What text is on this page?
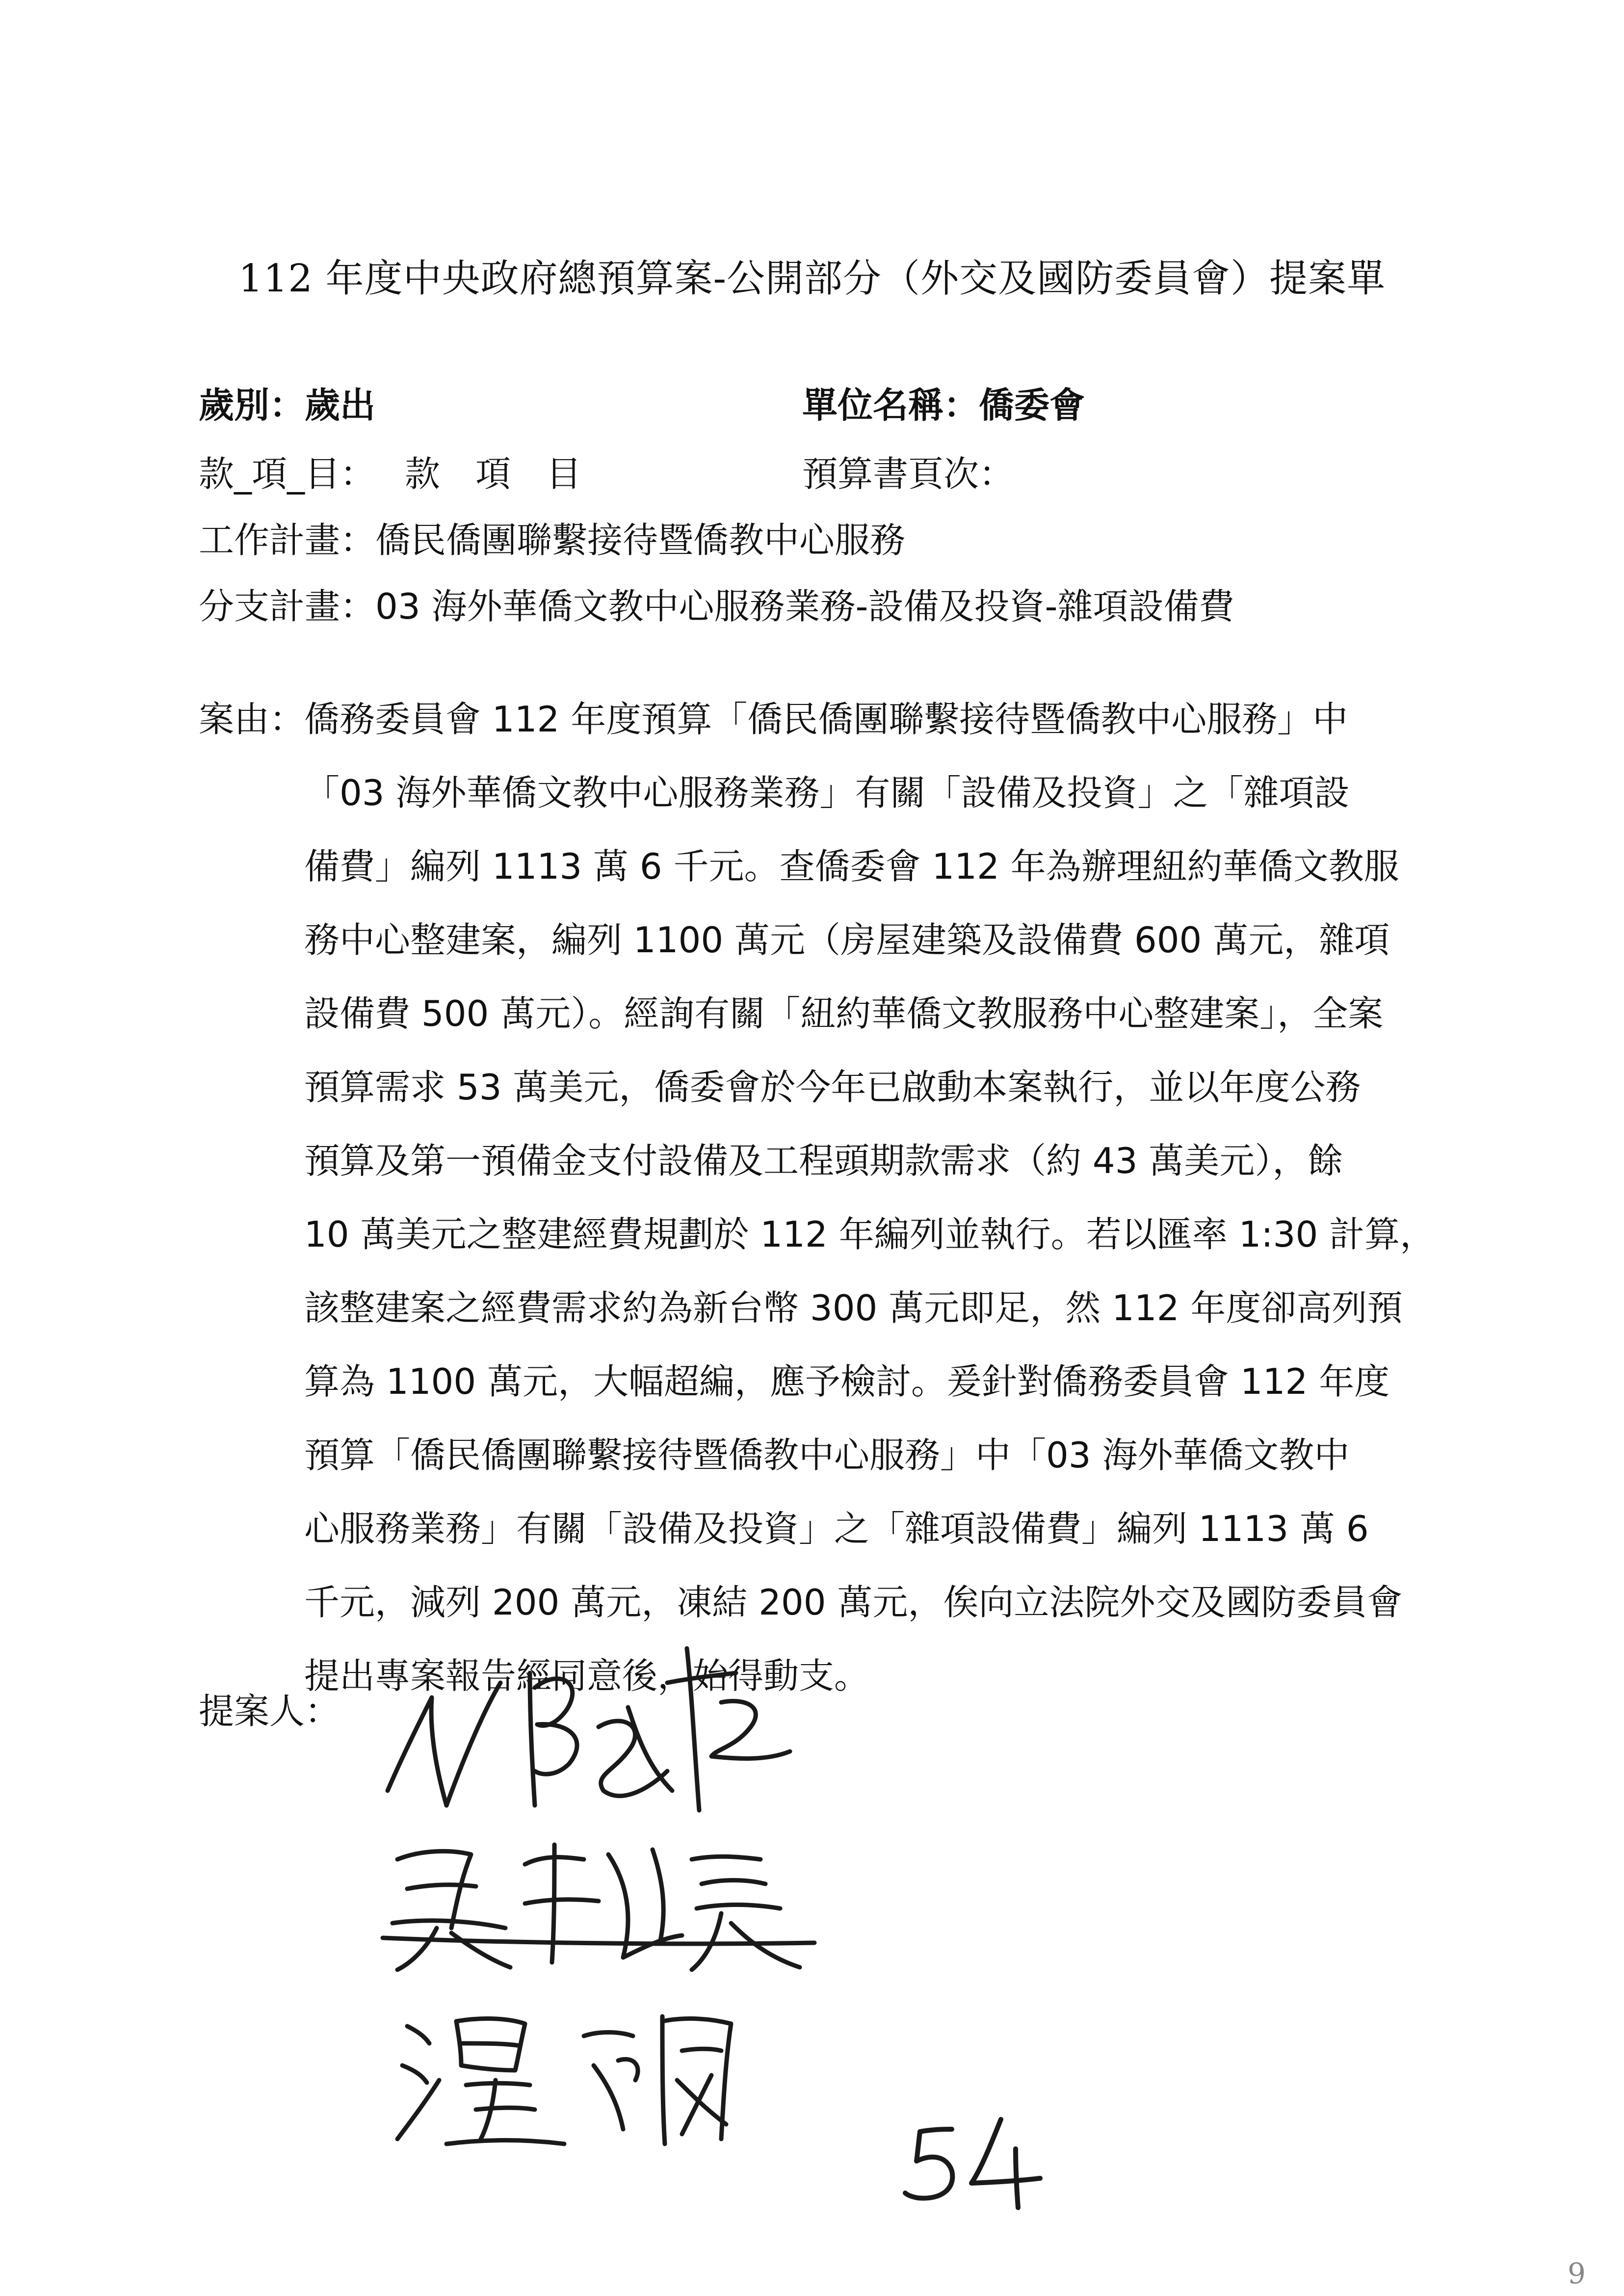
112 年度中央政府總預算案-公開部分（外交及國防委員會）提案單
歲別：歲出	單位名稱：僑委會
款_項_目： 款　項　目	預算書頁次：
工作計畫：僑民僑團聯繫接待暨僑教中心服務
分支計畫：03 海外華僑文教中心服務業務-設備及投資-雜項設備費
案由：
僑務委員會 112 年度預算「僑民僑團聯繫接待暨僑教中心服務」中
「03 海外華僑文教中心服務業務」有關「設備及投資」之「雜項設
備費」編列 1113 萬 6 千元。查僑委會 112 年為辦理紐約華僑文教服
務中心整建案，編列 1100 萬元（房屋建築及設備費 600 萬元，雜項
設備費 500 萬元）。經詢有關「紐約華僑文教服務中心整建案」，全案
預算需求 53 萬美元，僑委會於今年已啟動本案執行，並以年度公務
預算及第一預備金支付設備及工程頭期款需求（約 43 萬美元），餘
10 萬美元之整建經費規劃於 112 年編列並執行。若以匯率 1:30 計算，
該整建案之經費需求約為新台幣 300 萬元即足，然 112 年度卻高列預
算為 1100 萬元，大幅超編，應予檢討。爰針對僑務委員會 112 年度
預算「僑民僑團聯繫接待暨僑教中心服務」中「03 海外華僑文教中
心服務業務」有關「設備及投資」之「雜項設備費」編列 1113 萬 6
千元，減列 200 萬元，凍結 200 萬元，俟向立法院外交及國防委員會
提出專案報告經同意後，始得動支。
提案人：
9
